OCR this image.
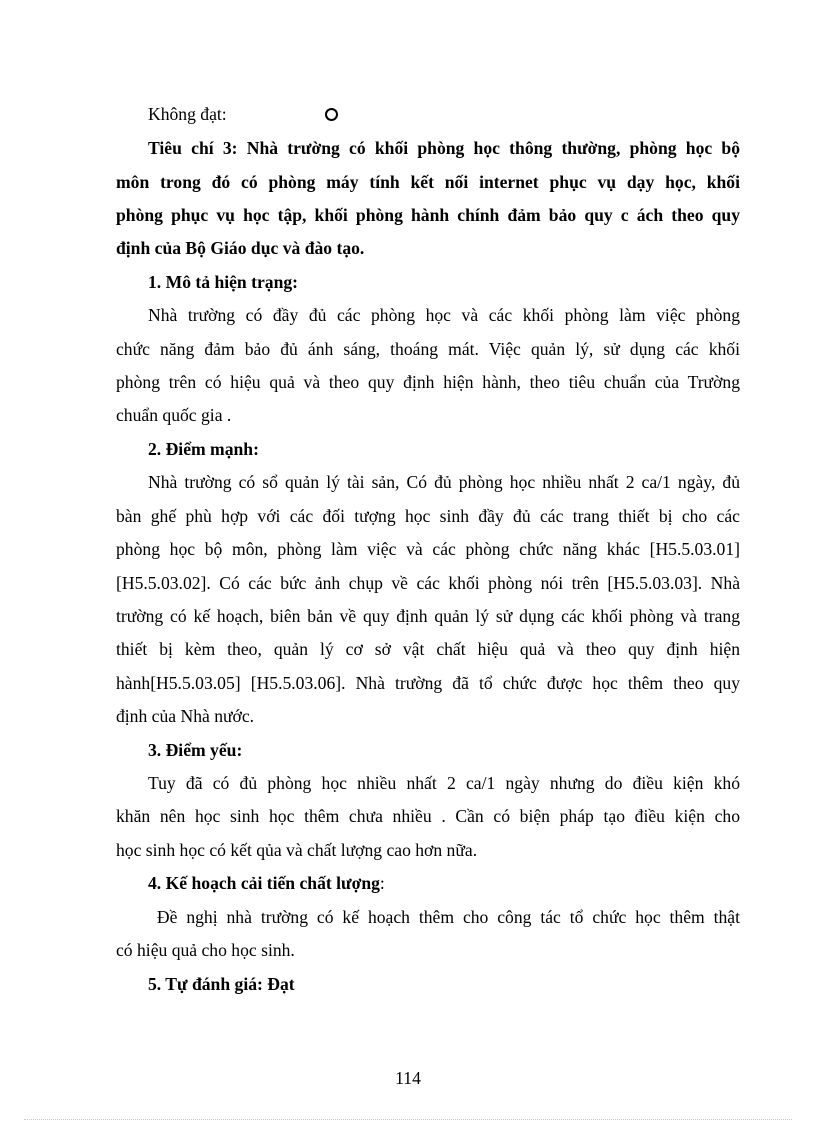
Không đạt:
Tiêu chí 3: Nhà trường có khối phòng học thông thường, phòng học bộ
môn trong đó có phòng máy tính kết nối internet phục vụ dạy học, khối
phòng phục vụ học tập, khối phòng hành chính đảm bảo quy c ách theo quy
định của Bộ Giáo dục và đào tạo.
1. Mô tả hiện trạng:
Nhà trường có đầy đủ các phòng học và các khối phòng làm việc phòng
chức năng đảm bảo đủ ánh sáng, thoáng mát. Việc quản lý, sử dụng các khối
phòng trên có hiệu quả và theo quy định hiện hành, theo tiêu chuẩn của Trường
chuẩn quốc gia .
2. Điểm mạnh:
Nhà trường có sổ quản lý tài sản, Có đủ phòng học nhiều nhất 2 ca/1 ngày, đủ
bàn ghế phù hợp với các đối tượng học sinh đầy đủ các trang thiết bị cho các
phòng học bộ môn, phòng làm việc và các phòng chức năng khác [H5.5.03.01]
[H5.5.03.02]. Có các bức ảnh chụp về các khối phòng nói trên [H5.5.03.03]. Nhà
trường có kế hoạch, biên bản về quy định quản lý sử dụng các khối phòng và trang
thiết bị kèm theo, quản lý cơ sở vật chất hiệu quả và theo quy định hiện
hành[H5.5.03.05] [H5.5.03.06]. Nhà trường đã tổ chức được học thêm theo quy
định của Nhà nước.
3. Điểm yếu:
Tuy đã có đủ phòng học nhiều nhất 2 ca/1 ngày nhưng do điều kiện khó
khăn nên học sinh học thêm chưa nhiều . Cần có biện pháp tạo điều kiện cho
học sinh học có kết qủa và chất lượng cao hơn nữa.
4. Kế hoạch cải tiến chất lượng:
Đề nghị nhà trường có kế hoạch thêm cho công tác tổ chức học thêm thật
có hiệu quả cho học sinh.
5. Tự đánh giá: Đạt
114
